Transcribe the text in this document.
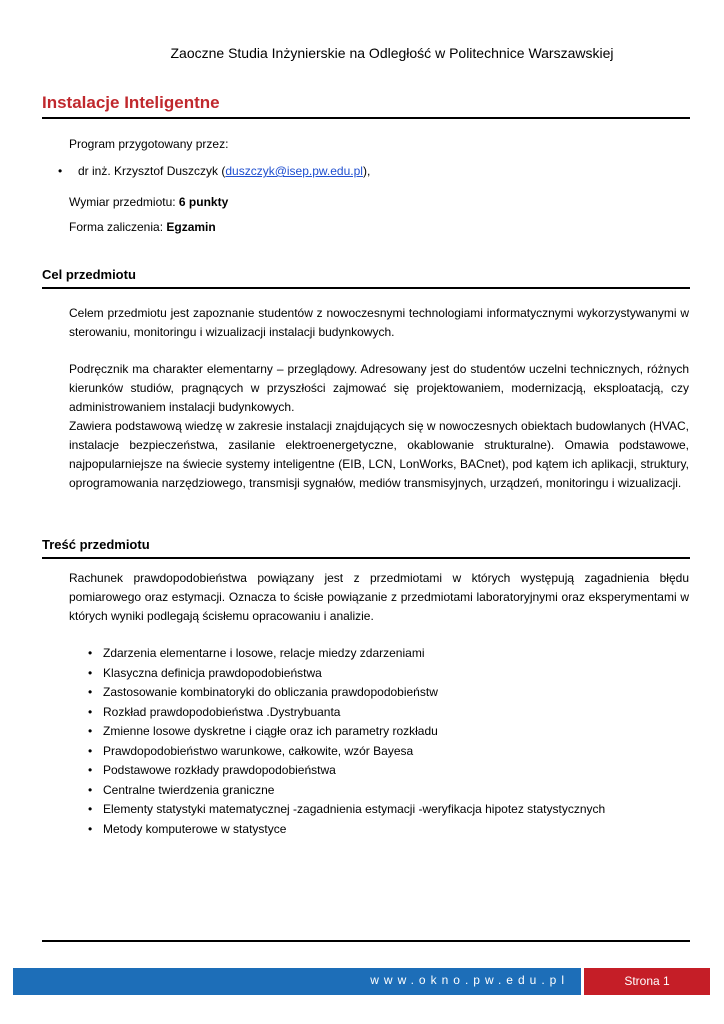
Zaoczne Studia Inżynierskie na Odległość w Politechnice Warszawskiej
Instalacje Inteligentne
Program przygotowany przez:
• dr inż. Krzysztof Duszczyk (duszczyk@isep.pw.edu.pl),
Wymiar przedmiotu: 6 punkty
Forma zaliczenia: Egzamin
Cel przedmiotu
Celem przedmiotu jest zapoznanie studentów z nowoczesnymi technologiami informatycznymi wykorzystywanymi w sterowaniu, monitoringu i wizualizacji instalacji budynkowych.
Podręcznik ma charakter elementarny – przeglądowy. Adresowany jest do studentów uczelni technicznych, różnych kierunków studiów, pragnących w przyszłości zajmować się projektowaniem, modernizacją, eksploatacją, czy administrowaniem instalacji budynkowych.
Zawiera podstawową wiedzę w zakresie instalacji znajdujących się w nowoczesnych obiektach budowlanych (HVAC, instalacje bezpieczeństwa, zasilanie elektroenergetyczne, okablowanie strukturalne). Omawia podstawowe, najpopularniejsze na świecie systemy inteligentne (EIB, LCN, LonWorks, BACnet), pod kątem ich aplikacji, struktury, oprogramowania narzędziowego, transmisji sygnałów, mediów transmisyjnych, urządzeń, monitoringu i wizualizacji.
Treść przedmiotu
Rachunek prawdopodobieństwa powiązany jest z przedmiotami w których występują zagadnienia błędu pomiarowego oraz estymacji. Oznacza to ścisłe powiązanie z przedmiotami laboratoryjnymi oraz eksperymentami w których wyniki podlegają ścisłemu opracowaniu i analizie.
• Zdarzenia elementarne i losowe, relacje miedzy zdarzeniami
• Klasyczna definicja prawdopodobieństwa
• Zastosowanie kombinatoryki do obliczania prawdopodobieństw
• Rozkład prawdopodobieństwa .Dystrybuanta
• Zmienne losowe dyskretne i ciągłe oraz ich parametry rozkładu
• Prawdopodobieństwo warunkowe, całkowite, wzór Bayesa
• Podstawowe rozkłady prawdopodobieństwa
• Centralne twierdzenia graniczne
• Elementy statystyki matematycznej -zagadnienia estymacji -weryfikacja hipotez statystycznych
• Metody komputerowe w statystyce
www.okno.pw.edu.pl	Strona 1
